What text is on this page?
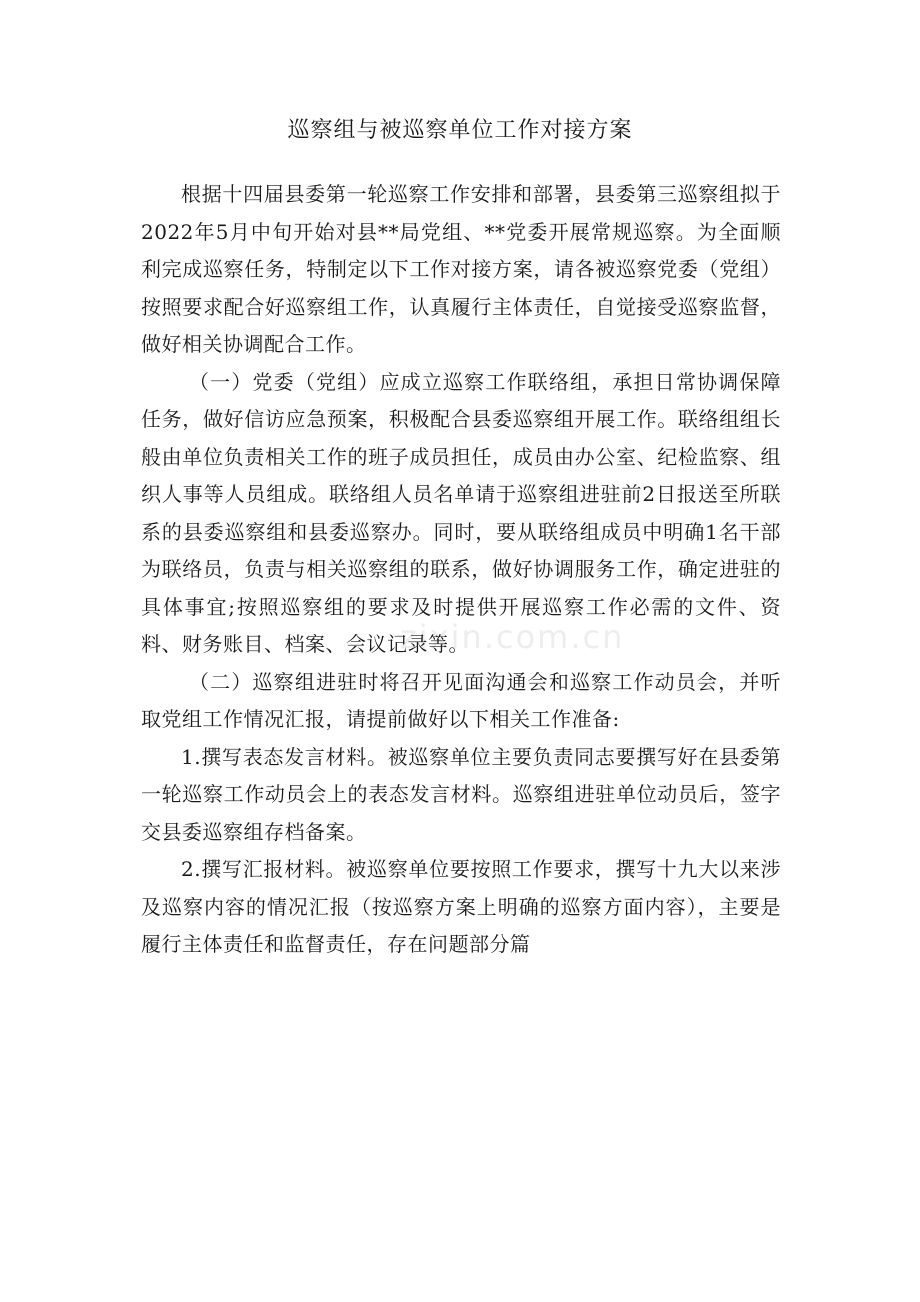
巡察组与被巡察单位工作对接方案
zixin.com.cn

根据十四届县委第一轮巡察工作安排和部署，县委第三巡察组拟于2022年5月中旬开始对县**局党组、**党委开展常规巡察。为全面顺利完成巡察任务，特制定以下工作对接方案，请各被巡察党委（党组）按照要求配合好巡察组工作，认真履行主体责任，自觉接受巡察监督，做好相关协调配合工作。

（一）党委（党组）应成立巡察工作联络组，承担日常协调保障任务，做好信访应急预案，积极配合县委巡察组开展工作。联络组组长般由单位负责相关工作的班子成员担任，成员由办公室、纪检监察、组织人事等人员组成。联络组人员名单请于巡察组进驻前2日报送至所联系的县委巡察组和县委巡察办。同时，要从联络组成员中明确1名干部为联络员，负责与相关巡察组的联系，做好协调服务工作，确定进驻的具体事宜;按照巡察组的要求及时提供开展巡察工作必需的文件、资料、财务账目、档案、会议记录等。

（二）巡察组进驻时将召开见面沟通会和巡察工作动员会，并听取党组工作情况汇报，请提前做好以下相关工作准备:

1.撰写表态发言材料。被巡察单位主要负责同志要撰写好在县委第一轮巡察工作动员会上的表态发言材料。巡察组进驻单位动员后，签字交县委巡察组存档备案。

2.撰写汇报材料。被巡察单位要按照工作要求，撰写十九大以来涉及巡察内容的情况汇报（按巡察方案上明确的巡察方面内容），主要是履行主体责任和监督责任，存在问题部分篇
